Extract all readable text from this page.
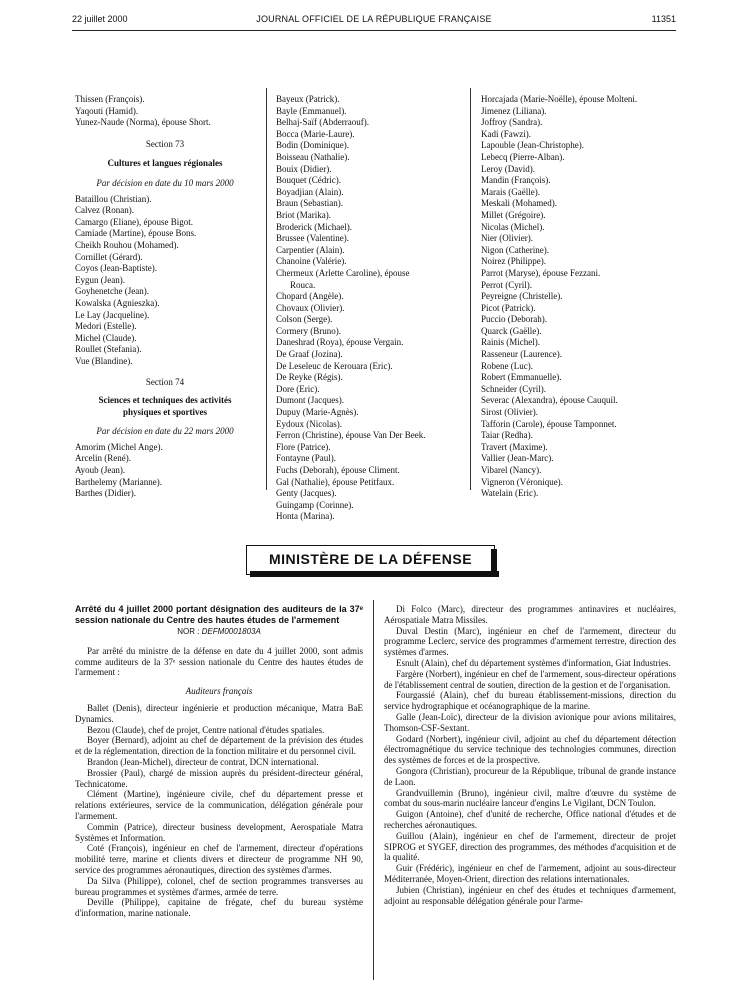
22 juillet 2000	JOURNAL OFFICIEL DE LA RÉPUBLIQUE FRANÇAISE	11351
Thissen (François).
Yaqouti (Hamid).
Yunez-Naude (Norma), épouse Short.
Section 73
Cultures et langues régionales
Par décision en date du 10 mars 2000
Bataillou (Christian).
Calvez (Ronan).
Camargo (Eliane), épouse Bigot.
Camiade (Martine), épouse Bons.
Cheikh Rouhou (Mohamed).
Cornillet (Gérard).
Coyos (Jean-Baptiste).
Eygun (Jean).
Goyhenetche (Jean).
Kowalska (Agnieszka).
Le Lay (Jacqueline).
Medori (Estelle).
Michel (Claude).
Roullet (Stefania).
Vue (Blandine).
Section 74
Sciences et techniques des activités
physiques et sportives
Par décision en date du 22 mars 2000
Amorim (Michel Ange).
Arcelin (René).
Ayoub (Jean).
Barthelemy (Marianne).
Barthes (Didier).
Bayeux (Patrick).
Bayle (Emmanuel).
Belhaj-Saïf (Abderraouf).
Bocca (Marie-Laure).
Bodin (Dominique).
Boisseau (Nathalie).
Bouix (Didier).
Bouquet (Cédric).
Boyadjian (Alain).
Braun (Sebastian).
Briot (Marika).
Broderick (Michael).
Brussee (Valentine).
Carpentier (Alain).
Chanoine (Valérie).
Chermeux (Arlette Caroline), épouse
Rouca.
Chopard (Angèle).
Chovaux (Olivier).
Colson (Serge).
Cormery (Bruno).
Daneshrad (Roya), épouse Vergain.
De Graaf (Jozina).
De Leseleuc de Kerouara (Eric).
De Reyke (Régis).
Dore (Eric).
Dumont (Jacques).
Dupuy (Marie-Agnès).
Eydoux (Nicolas).
Ferron (Christine), épouse Van Der Beek.
Flore (Patrice).
Fontayne (Paul).
Fuchs (Deborah), épouse Climent.
Gal (Nathalie), épouse Petitfaux.
Genty (Jacques).
Guingamp (Corinne).
Honta (Marina).
Horcajada (Marie-Noëlle), épouse Molteni.
Jimenez (Liliana).
Joffroy (Sandra).
Kadi (Fawzi).
Lapouble (Jean-Christophe).
Lebecq (Pierre-Alban).
Leroy (David).
Mandin (François).
Marais (Gaëlle).
Meskali (Mohamed).
Millet (Grégoire).
Nicolas (Michel).
Nier (Olivier).
Nigon (Catherine).
Noirez (Philippe).
Parrot (Maryse), épouse Fezzani.
Perrot (Cyril).
Peyreigne (Christelle).
Picot (Patrick).
Puccio (Deborah).
Quarck (Gaëlle).
Rainis (Michel).
Rasseneur (Laurence).
Robene (Luc).
Robert (Emmanuelle).
Schneider (Cyril).
Severac (Alexandra), épouse Cauquil.
Sirost (Olivier).
Tafforin (Carole), épouse Tamponnet.
Taiar (Redha).
Travert (Maxime).
Vallier (Jean-Marc).
Vibarel (Nancy).
Vigneron (Véronique).
Watelain (Eric).
MINISTÈRE DE LA DÉFENSE

Arrêté du 4 juillet 2000 portant désignation des auditeurs de la 37ᵉ session nationale du Centre des hautes études de l'armement

NOR : DEFM0001803A

Par arrêté du ministre de la défense en date du 4 juillet 2000, sont admis comme auditeurs de la 37ᵉ session nationale du Centre des hautes études de l'armement :

Auditeurs français

Ballet (Denis), directeur ingénierie et production mécanique, Matra BaE Dynamics.

Bezou (Claude), chef de projet, Centre national d'études spatiales.

Boyer (Bernard), adjoint au chef de département de la prévision des études et de la réglementation, direction de la fonction militaire et du personnel civil.

Brandon (Jean-Michel), directeur de contrat, DCN international.

Brossier (Paul), chargé de mission auprès du président-directeur général, Technicatome.

Clément (Martine), ingénieure civile, chef du département presse et relations extérieures, service de la communication, délégation générale pour l'armement.

Commin (Patrice), directeur business development, Aerospatiale Matra Systèmes et Information.

Coté (François), ingénieur en chef de l'armement, directeur d'opérations mobilité terre, marine et clients divers et directeur de programme NH 90, service des programmes aéronautiques, direction des systèmes d'armes.

Da Silva (Philippe), colonel, chef de section programmes transverses au bureau programmes et systèmes d'armes, armée de terre.

Deville (Philippe), capitaine de frégate, chef du bureau système d'information, marine nationale.

Di Folco (Marc), directeur des programmes antinavires et nucléaires, Aérospatiale Matra Missiles.

Duval Destin (Marc), ingénieur en chef de l'armement, directeur du programme Leclerc, service des programmes d'armement terrestre, direction des systèmes d'armes.

Esnult (Alain), chef du département systèmes d'information, Giat Industries.

Fargère (Norbert), ingénieur en chef de l'armement, sous-directeur opérations de l'établissement central de soutien, direction de la gestion et de l'organisation.

Fourgassié (Alain), chef du bureau établissement-missions, direction du service hydrographique et océanographique de la marine.

Galle (Jean-Loïc), directeur de la division avionique pour avions militaires, Thomson-CSF-Sextant.

Godard (Norbert), ingénieur civil, adjoint au chef du département détection électromagnétique du service technique des technologies communes, direction des systèmes de forces et de la prospective.

Gongora (Christian), procureur de la République, tribunal de grande instance de Laon.

Grandvuillemin (Bruno), ingénieur civil, maître d'œuvre du système de combat du sous-marin nucléaire lanceur d'engins Le Vigilant, DCN Toulon.

Guigon (Antoine), chef d'unité de recherche, Office national d'études et de recherches aéronautiques.

Guillou (Alain), ingénieur en chef de l'armement, directeur de projet SIPROG et SYGEF, direction des programmes, des méthodes d'acquisition et de la qualité.

Guir (Frédéric), ingénieur en chef de l'armement, adjoint au sous-directeur Méditerranée, Moyen-Orient, direction des relations internationales.

Jubien (Christian), ingénieur en chef des études et techniques d'armement, adjoint au responsable délégation générale pour l'arme-
